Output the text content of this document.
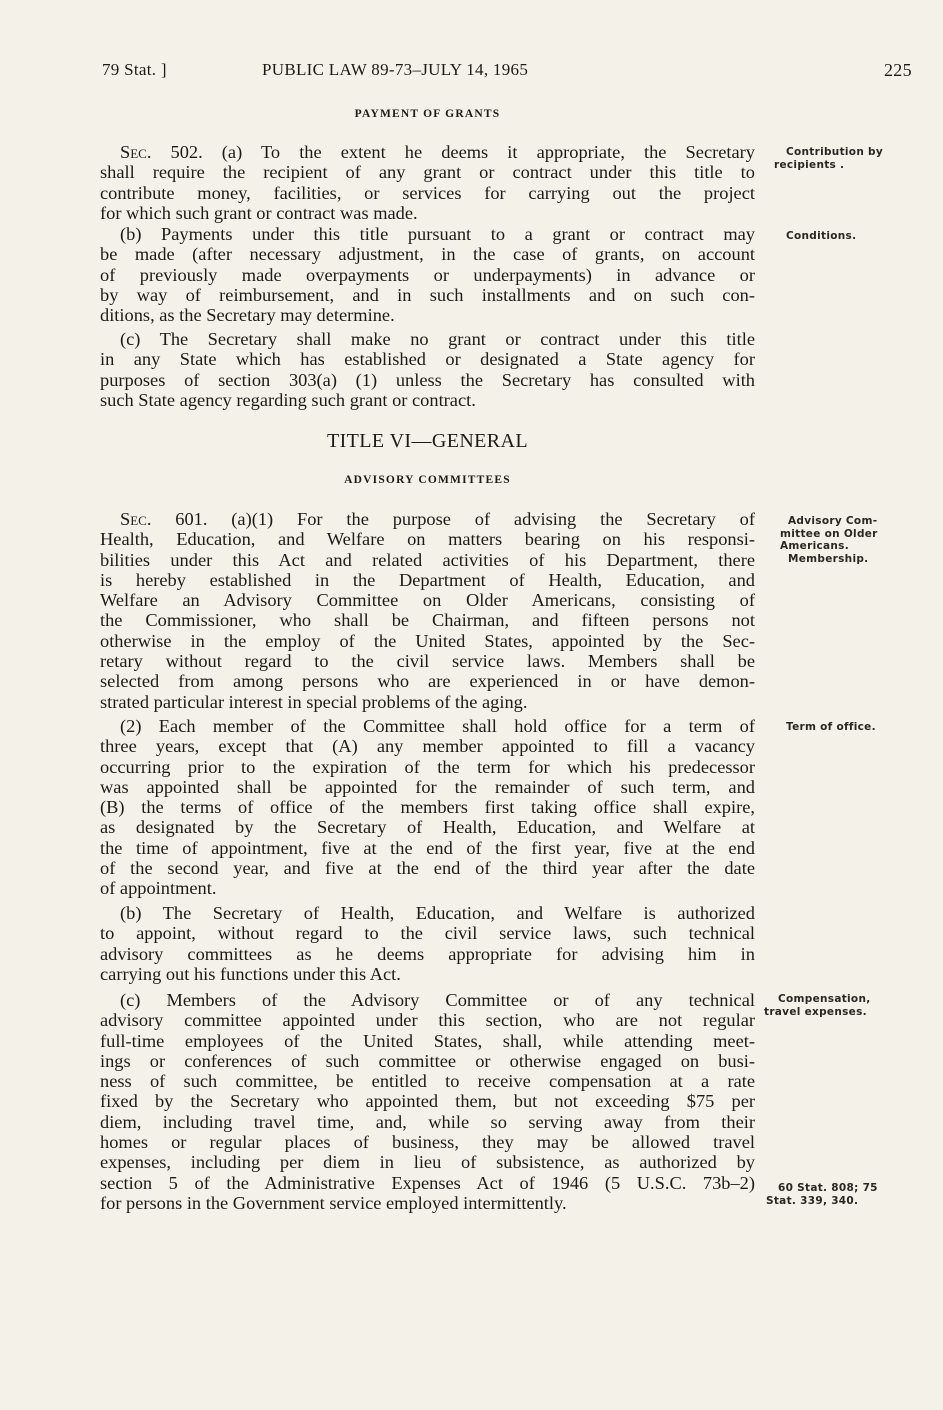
79 Stat. ]	PUBLIC LAW 89-73–JULY 14, 1965	225
PAYMENT OF GRANTS

Sec. 502. (a) To the extent he deems it appropriate, the Secretary
shall require the recipient of any grant or contract under this title to
contribute money, facilities, or services for carrying out the project
for which such grant or contract was made.

(b) Payments under this title pursuant to a grant or contract may
be made (after necessary adjustment, in the case of grants, on account
of previously made overpayments or underpayments) in advance or
by way of reimbursement, and in such installments and on such con-
ditions, as the Secretary may determine.

(c) The Secretary shall make no grant or contract under this title
in any State which has established or designated a State agency for
purposes of section 303(a) (1) unless the Secretary has consulted with
such State agency regarding such grant or contract.

TITLE VI—GENERAL
ADVISORY COMMITTEES

Sec. 601. (a)(1) For the purpose of advising the Secretary of
Health, Education, and Welfare on matters bearing on his responsi-
bilities under this Act and related activities of his Department, there
is hereby established in the Department of Health, Education, and
Welfare an Advisory Committee on Older Americans, consisting of
the Commissioner, who shall be Chairman, and fifteen persons not
otherwise in the employ of the United States, appointed by the Sec-
retary without regard to the civil service laws. Members shall be
selected from among persons who are experienced in or have demon-
strated particular interest in special problems of the aging.

(2) Each member of the Committee shall hold office for a term of
three years, except that (A) any member appointed to fill a vacancy
occurring prior to the expiration of the term for which his predecessor
was appointed shall be appointed for the remainder of such term, and
(B) the terms of office of the members first taking office shall expire,
as designated by the Secretary of Health, Education, and Welfare at
the time of appointment, five at the end of the first year, five at the end
of the second year, and five at the end of the third year after the date
of appointment.

(b) The Secretary of Health, Education, and Welfare is authorized
to appoint, without regard to the civil service laws, such technical
advisory committees as he deems appropriate for advising him in
carrying out his functions under this Act.

(c) Members of the Advisory Committee or of any technical
advisory committee appointed under this section, who are not regular
full-time employees of the United States, shall, while attending meet-
ings or conferences of such committee or otherwise engaged on busi-
ness of such committee, be entitled to receive compensation at a rate
fixed by the Secretary who appointed them, but not exceeding $75 per
diem, including travel time, and, while so serving away from their
homes or regular places of business, they may be allowed travel
expenses, including per diem in lieu of subsistence, as authorized by
section 5 of the Administrative Expenses Act of 1946 (5 U.S.C. 73b–2)
for persons in the Government service employed intermittently.

Contribution by
recipients .
Conditions.
Advisory Com-
mittee on Older
Americans.
Membership.
Term of office.
Compensation,
travel expenses.
60 Stat. 808; 75
Stat. 339, 340.
